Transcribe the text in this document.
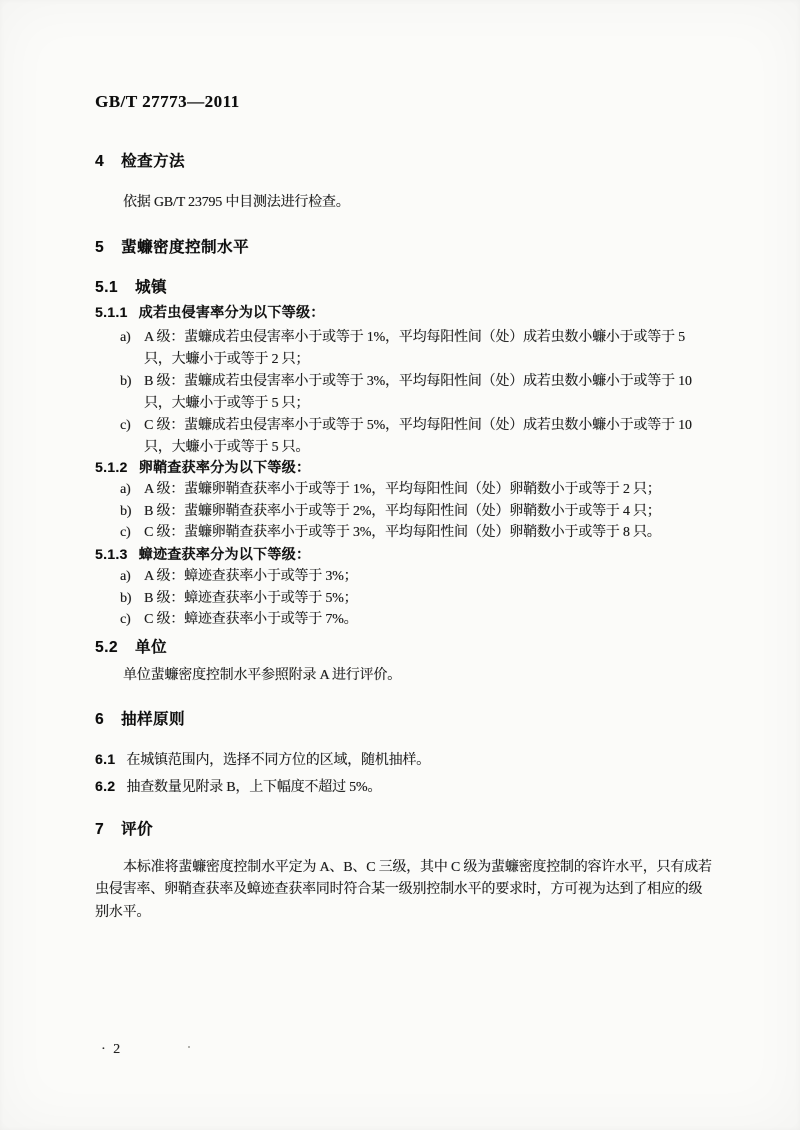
GB/T 27773—2011
4 检查方法
依据 GB/T 23795 中目测法进行检查。
5 蜚蠊密度控制水平
5.1 城镇
5.1.1 成若虫侵害率分为以下等级：
a) A 级：蜚蠊成若虫侵害率小于或等于 1%，平均每阳性间（处）成若虫数小蠊小于或等于 5 只，大蠊小于或等于 2 只；
b) B 级：蜚蠊成若虫侵害率小于或等于 3%，平均每阳性间（处）成若虫数小蠊小于或等于 10 只，大蠊小于或等于 5 只；
c) C 级：蜚蠊成若虫侵害率小于或等于 5%，平均每阳性间（处）成若虫数小蠊小于或等于 10 只，大蠊小于或等于 5 只。
5.1.2 卵鞘查获率分为以下等级：
a) A 级：蜚蠊卵鞘查获率小于或等于 1%，平均每阳性间（处）卵鞘数小于或等于 2 只；
b) B 级：蜚蠊卵鞘查获率小于或等于 2%，平均每阳性间（处）卵鞘数小于或等于 4 只；
c) C 级：蜚蠊卵鞘查获率小于或等于 3%，平均每阳性间（处）卵鞘数小于或等于 8 只。
5.1.3 蟑迹查获率分为以下等级：
a) A 级：蟑迹查获率小于或等于 3%；
b) B 级：蟑迹查获率小于或等于 5%；
c) C 级：蟑迹查获率小于或等于 7%。
5.2 单位
单位蜚蠊密度控制水平参照附录 A 进行评价。
6 抽样原则
6.1 在城镇范围内，选择不同方位的区域，随机抽样。
6.2 抽查数量见附录 B，上下幅度不超过 5%。
7 评价
本标准将蜚蠊密度控制水平定为 A、B、C 三级，其中 C 级为蜚蠊密度控制的容许水平，只有成若虫侵害率、卵鞘查获率及蟑迹查获率同时符合某一级别控制水平的要求时，方可视为达到了相应的级别水平。
· 2
